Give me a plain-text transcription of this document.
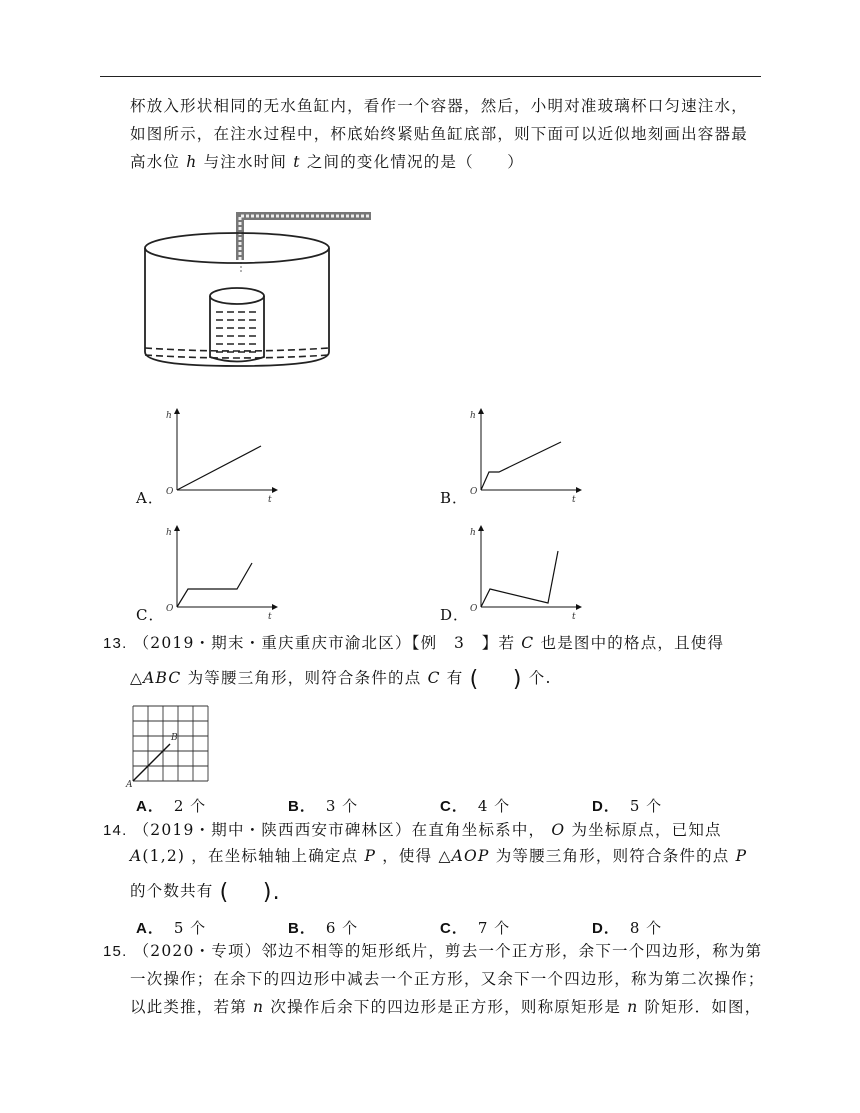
杯放入形状相同的无水鱼缸内，看作一个容器，然后，小明对准玻璃杯口匀速注水，
如图所示，在注水过程中，杯底始终紧贴鱼缸底部，则下面可以近似地刻画出容器最
高水位 h 与注水时间 t 之间的变化情况的是（　　）
A．
h
O
t	B．
h
O
t
C．
h
O
t	D．
h
O
t
13. （2019・期末・重庆重庆市渝北区）【例　3　】若 C 也是图中的格点，且使得
△ABC 为等腰三角形，则符合条件的点 C 有 (　　 ) 个.
B
A
A． 2 个	B． 3 个	C． 4 个	D． 5 个
14. （2019・期中・陕西西安市碑林区）在直角坐标系中， O 为坐标原点，已知点
A(1,2) ，在坐标轴轴上确定点 P ，使得 △AOP 为等腰三角形，则符合条件的点 P
的个数共有 (　　 ).
A． 5 个	B． 6 个	C． 7 个	D． 8 个
15. （2020・专项）邻边不相等的矩形纸片，剪去一个正方形，余下一个四边形，称为第
一次操作；在余下的四边形中减去一个正方形，又余下一个四边形，称为第二次操作；
以此类推，若第 n 次操作后余下的四边形是正方形，则称原矩形是 n 阶矩形．如图，
